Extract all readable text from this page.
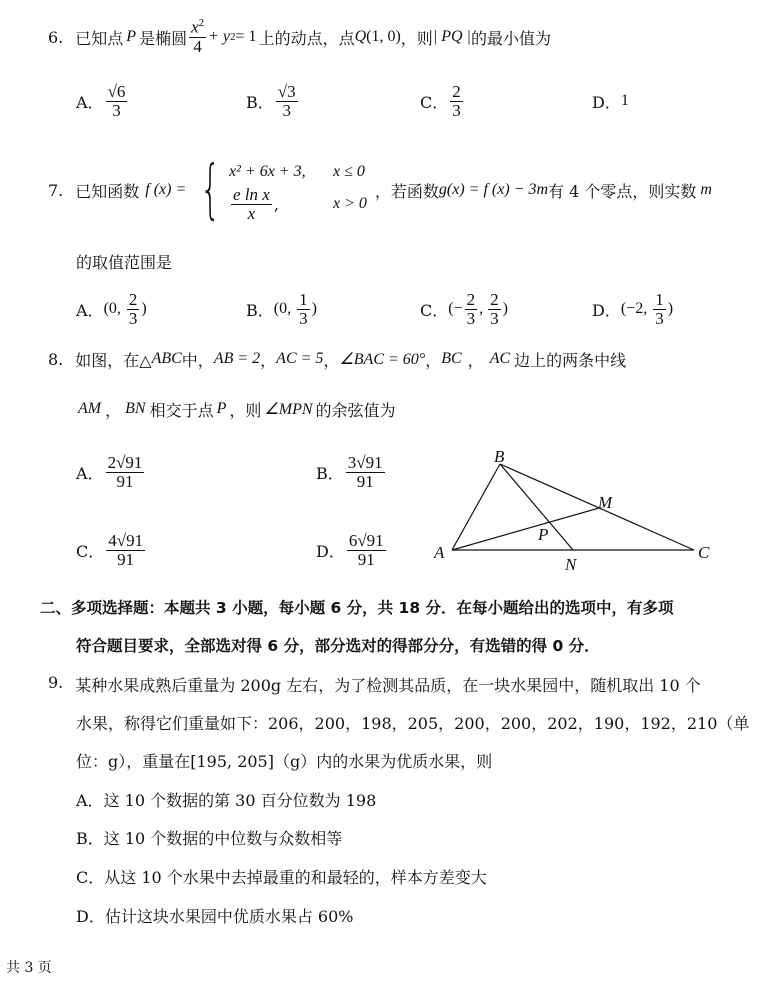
6. 已知点 P 是椭圆 $\frac{x^2}{4} + y$ 2 = 1 上的动点，点 Q (1, 0) ，则 | PQ | 的最小值为
A． $\frac{√6}{3}$	B． $\frac{√3}{3}$	C． $\frac{2}{3}$	D． 1
7. 已知函数 f (x) = { x² + 6x + 3,	x ≤ 0
$\frac{\text{e ln x}}{x}$ ,	x > 0
，若函数 g(x) = f (x) − 3m 有 4 个零点，则实数 m
的取值范围是
A． (0, $\frac{2}{3}$ )	B． (0, $\frac{1}{3}$ )	C． (− $\frac{2}{3}$ , $\frac{2}{3}$ )	D． (−2, $\frac{1}{3}$ )
8. 如图，在△ ABC 中， AB = 2 ， AC = 5 ， ∠BAC = 60° ， BC ， AC 边上的两条中线
AM ， BN 相交于点 P ，则 ∠MPN 的余弦值为
A． $\frac{2√91}{91}$	B． $\frac{3√91}{91}$
C． $\frac{4√91}{91}$	D． $\frac{6√91}{91}$
B
M
P
A
N
C
二、多项选择题：本题共 3 小题，每小题 6 分，共 18 分．在每小题给出的选项中，有多项
符合题目要求，全部选对得 6 分，部分选对的得部分分，有选错的得 0 分．
9. 某种水果成熟后重量为 200g 左右，为了检测其品质，在一块水果园中，随机取出 10 个
水果，称得它们重量如下：206，200，198，205，200，200，202，190，192，210（单
位：g），重量在[195, 205]（g）内的水果为优质水果，则
A． 这 10 个数据的第 30 百分位数为 198
B． 这 10 个数据的中位数与众数相等
C． 从这 10 个水果中去掉最重的和最轻的，样本方差变大
D． 估计这块水果园中优质水果占 60%
共 3 页
